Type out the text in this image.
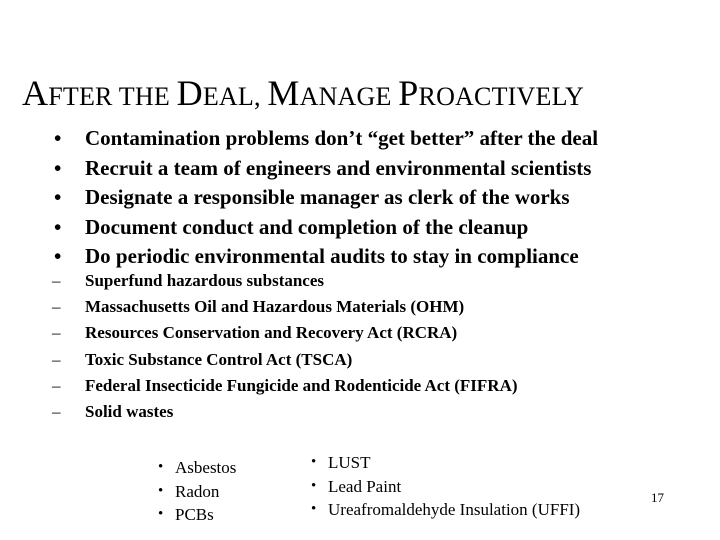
AFTER THE DEAL, MANAGE PROACTIVELY
• Contamination problems don’t “get better” after the deal
• Recruit a team of engineers and environmental scientists
• Designate a responsible manager as clerk of the works
• Document conduct and completion of the cleanup
• Do periodic environmental audits to stay in compliance
– Superfund hazardous substances
– Massachusetts Oil and Hazardous Materials (OHM)
– Resources Conservation and Recovery Act (RCRA)
– Toxic Substance Control Act (TSCA)
– Federal Insecticide Fungicide and Rodenticide Act (FIFRA)
– Solid wastes
• Asbestos
• Radon
• PCBs
• LUST
• Lead Paint
• Ureafromaldehyde Insulation (UFFI)
17
